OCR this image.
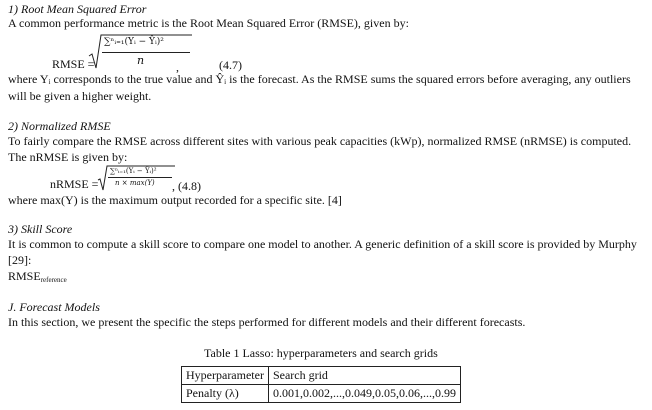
1) Root Mean Squared Error
A common performance metric is the Root Mean Squared Error (RMSE), given by:
RMSE =
∑ⁿᵢ₌₁(Yᵢ − Ŷᵢ)²
n	,	(4.7)
where Yᵢ corresponds to the true value and Ŷᵢ is the forecast. As the RMSE sums the squared errors before averaging, any outliers
will be given a higher weight.
2) Normalized RMSE
To fairly compare the RMSE across different sites with various peak capacities (kWp), normalized RMSE (nRMSE) is computed.
The nRMSE is given by:
nRMSE =
∑ⁿᵢ₌₁(Yᵢ − Ŷᵢ)²
n × max(Y) , (4.8)
where max(Y) is the maximum output recorded for a specific site. [4]
3) Skill Score
It is common to compute a skill score to compare one model to another. A generic definition of a skill score is provided by Murphy
[29]:
RMSEreference
J. Forecast Models
In this section, we present the specific the steps performed for different models and their different forecasts.
Table 1 Lasso: hyperparameters and search grids
Hyperparameter	Search grid
Penalty (λ)	0.001,0.002,...,0.049,0.05,0.06,...,0.99
